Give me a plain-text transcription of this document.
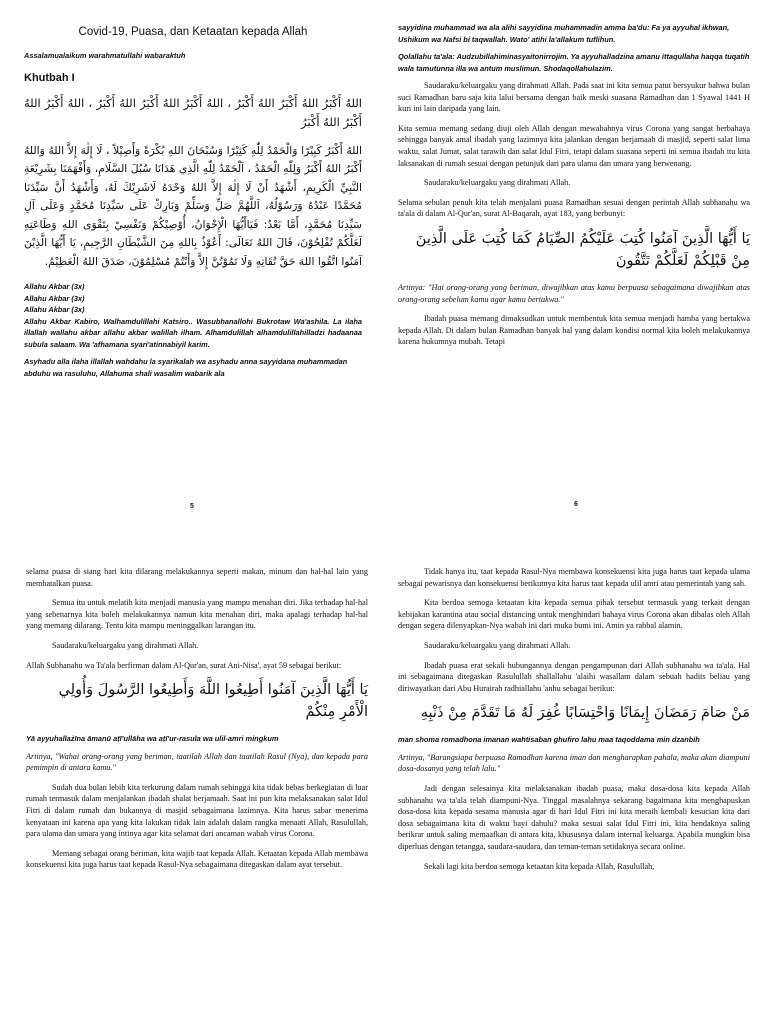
Covid-19, Puasa, dan Ketaatan kepada Allah

Assalamualaikum warahmatullahi wabaraktuh

Khutbah I

اللهُ أَكْبَرُ اللهُ أَكْبَرُ اللهُ أَكْبَرُ ، اللهُ أَكْبَرُ اللهُ أَكْبَرُ اللهُ أَكْبَرُ ، اللهُ أَكْبَرُ اللهُ أَكْبَرُ اللهُ أَكْبَرُ

اللهُ أَكْبَرُ كَبِيْرًا وَالْحَمْدُ لِلّٰهِ كَثِيْرًا وَسُبْحَانَ اللهِ بُكْرَةً وَأَصِيْلاً ، لَا إِلٰهَ إِلاَّ اللهُ وَاللهُ أَكْبَرُ اللهُ أَكْبَرُ وَلِلّٰهِ الْحَمْدُ ، اَلْحَمْدُ لِلّٰهِ الَّذِي هَدَانَا سُبُلَ السَّلَامِ، وَأَفْهَمَنَا بِشَرِيْعَةِ النَّبِيِّ الْكَرِيمِ، أَشْهَدُ أَنْ لَا إِلٰهَ إِلاَّ اللهُ وَحْدَهُ لَاشَرِيْكَ لَهُ، وَأَشْهَدُ أَنَّ سَيِّدَنَا مُحَمَّدًا عَبْدُهُ وَرَسُوْلُهُ، اَللَّهُمَّ صَلِّ وَسَلِّمْ وَبَارِكْ عَلَى سَيِّدِنَا مُحَمَّدٍ وَعَلَى آلِ سَيِّدِنَا مُحَمَّدٍ، أَمَّا بَعْدُ: فَيَاأَيُّهَا الْإِخْوَانُ، أُوْصِيْكُمْ وَنَفْسِيْ بِتَقْوَى اللهِ وَطَاعَتِهِ لَعَلَّكُمْ تُفْلِحُوْنَ، قَالَ اللهُ تَعَالَى: أَعُوْذُ بِاللهِ مِنَ الشَّيْطَانِ الرَّجِيمِ، يَا أَيُّهَا الَّذِيْنَ آمَنُوا اتَّقُوا اللهَ حَقَّ تُقَاتِهِ وَلَا تَمُوْتُنَّ إِلاَّ وَأَنْتُمْ مُسْلِمُوْنَ، صَدَقَ اللهُ الْعَظِيْمُ.

Allahu Akbar (3x)

Allahu Akbar (3x)

Allahu Akbar (3x)

Allahu Akbar Kabiro, Walhamdulillahi Katsiro.. Wasubhanallohi Bukrotaw Wa'ashila. La ilaha illallah wallahu akbar allahu akbar walillah ilham. Alhamdulillah alhamdulillahilladzi hadaanaa subula salaam. Wa 'afhamana syari'atinnabiyil karim.

Asyhadu alla ilaha illallah wahdahu la syarikalah wa asyhadu anna sayyidana muhammadan abduhu wa rasuluhu, Allahuma shali wasalim wabarik ala

5

sayyidina muhammad wa ala alihi sayyidina muhammadin amma ba'du: Fa ya ayyuhal ikhwan, Ushikum wa Nafsi bi taqwallah. Wato' atihi la'allakum tuflihun.

Qolallahu ta'ala: Audzubillahiminasyaitonirrojim. Ya ayyuhalladzina amanu ittaqullaha haqqa tuqatih wala tamutunna illa wa antum muslimun. Shodaqollahulazim.

Saudaraku/keluargaku yang dirahmati Allah. Pada saat ini kita semua patut bersyukur bahwa bulan suci Ramadhan baru saja kita lalui bersama dengan baik meski suasana Ramadhan dan 1 Syawal 1441 H kuri ini lain daripada yang lain.

Kita semua memang sedang diuji oleh Allah dengan mewabahnya virus Corona yang sangat berbahaya sehingga banyak amal ibadah yang lazimnya kita jalankan dengan berjamaah di masjid, seperti salat lima waktu, salat Jumat, salat tarawih dan salat Idul Fitri, tetapi dalam suasana seperti ini semua ibadah itu kita laksanakan di rumah sesuai dengan petunjuk dari para ulama dan umara yang berwenang.

Saudaraku/keluargaku yang dirahmati Allah.

Selama sebulan penuh kita telah menjalani puasa Ramadhan sesuai dengan perintah Allah subhanahu wa ta'ala di dalam Al-Qur'an, surat Al-Baqarah, ayat 183, yang berbunyi:

يَا أَيُّهَا الَّذِينَ آمَنُوا كُتِبَ عَلَيْكُمُ الصِّيَامُ كَمَا كُتِبَ عَلَى الَّذِينَ مِنْ قَبْلِكُمْ لَعَلَّكُمْ تَتَّقُونَ

Artinya: "Hai orang-orang yang beriman, diwajibkan atas kamu berpuasa sebagaimana diwajibkan atas orang-orang sebelum kamu agar kamu bertakwa."

Ibadah puasa memang dimaksudkan untuk membentuk kita semua menjadi hamba yang bertakwa kepada Allah. Di dalam bulan Ramadhan banyak hal yang dalam kondisi normal kita boleh melakukannya karena hukumnya mubah. Tetapi

6

selama puasa di siang hari kita dilarang melakukannya seperti makan, minum dan hal-hal lain yang membatalkan puasa.

Semua itu untuk melatih kita menjadi manusia yang mampu menahan diri. Jika terhadap hal-hal yang sebenarnya kita boleh melakukannya namun kita menahan diri, maka apalagi terhadap hal-hal yang memang dilarang. Tentu kita mampu meninggalkan larangan itu.

Saudaraku/keluargaku yang dirahmati Allah.

Allah Subhanahu wa Ta'ala berfirman dalam Al-Qur'an, surat Ani-Nisa', ayat 59 sebagai berikut:

يَا أَيُّهَا الَّذِينَ آمَنُوا أَطِيعُوا اللَّهَ وَأَطِيعُوا الرَّسُولَ وَأُولِي الْأَمْرِ مِنْكُمْ

Yā ayyuhallażīna āmanū aṭī'ullāha wa aṭī'ur-rasula wa ulil-amri mingkum

Artinya, "Wahai orang-orang yang beriman, taatilah Allah dan taatilah Rasul (Nya), dan kepada para pemimpin di antara kamu."

Sudah dua bulan lebih kita terkurung dalam rumah sehingga kita tidak bebas berkegiatan di luar rumah termasuk dalam menjalankan ibadah shalat berjamaah. Saat ini pun kita melaksanakan salat Idul Fitri di dalam rumah dan bukannya di masjid sebagaimana lazimnya. Kita harus sabar menerima kenyataan ini karena apa yang kita lakukan tidak lain adalah dalam rangka menaati Allah, Rasulullah, para ulama dan umara yang intinya agar kita selamat dari ancaman wabah virus Corona.

Memang sebagai orang beriman, kita wajib taat kepada Allah. Ketaatan kepada Allah membawa konsekuensi kita juga harus taat kepada Rasul-Nya sebagaimana ditegaskan dalam ayat tersebut.

Tidak hanya itu, taat kepada Rasul-Nya membawa konsekuensi kita juga harus taat kepada ulama sebagai pewarisnya dan konsekuensi berikutnya kita harus taat kepada ulil amri atau pemerintah yang sah.

Kita berdoa semoga ketaatan kita kepada semua pihak tersebut termasuk yang terkait dengan kebijakan karantina atau social distancing untuk menghindari bahaya virus Corona akan dibalas oleh Allah dengan segera dilenyapkan-Nya wabah ini dari muka bumi ini. Amin ya rabbal alamin.

Saudaraku/keluargaku yang dirahmati Allah.

Ibadah puasa erat sekali hubungannya dengan pengampunan dari Allah subhanahu wa ta'ala. Hal ini sebagaimana ditegaskan Rasulullah shallallahu 'alaihi wasallam dalam sebuah hadits beliau yang diriwayatkan dari Abu Hurairah radhiallahu 'anhu sebagai berikut:

مَنْ صَامَ رَمَضَانَ إِيمَانًا وَاحْتِسَابًا غُفِرَ لَهُ مَا تَقَدَّمَ مِنْ ذَنْبِهِ

man shoma romadhona imanan wahtisaban ghufiro lahu maa taqoddama min dzanbih

Artinya, "Barangsiapa berpuasa Ramadhan karena iman dan mengharapkan pahala, maka akan diampuni dosa-dosanya yang telah lalu."

Jadi dengan selesainya kita melaksanakan ibadah puasa, maka dosa-dosa kita kepada Allah subhanahu wa ta'ala telah diampuni-Nya. Tinggal masalahnya sekarang bagaimana kita menghapuskan dosa-dosa kita kepada sesama manusia agar di hari Idul Fitri ini kita meraih kembali kesucian kita dari dosa sebagaimana kita di waktu bayi dahulu? maka sesuai salat Idul Fitri ini, kita hendaknya saling berikrar untuk saling memaafkan di antara kita, khususnya dalam internal keluarga. Apabila mungkin bisa diperluas dengan tetangga, saudara-saudara, dan teman-teman setidaknya secara online.

Sekali lagi kita berdoa semoga ketaatan kita kepada Allah, Rasulullah,
